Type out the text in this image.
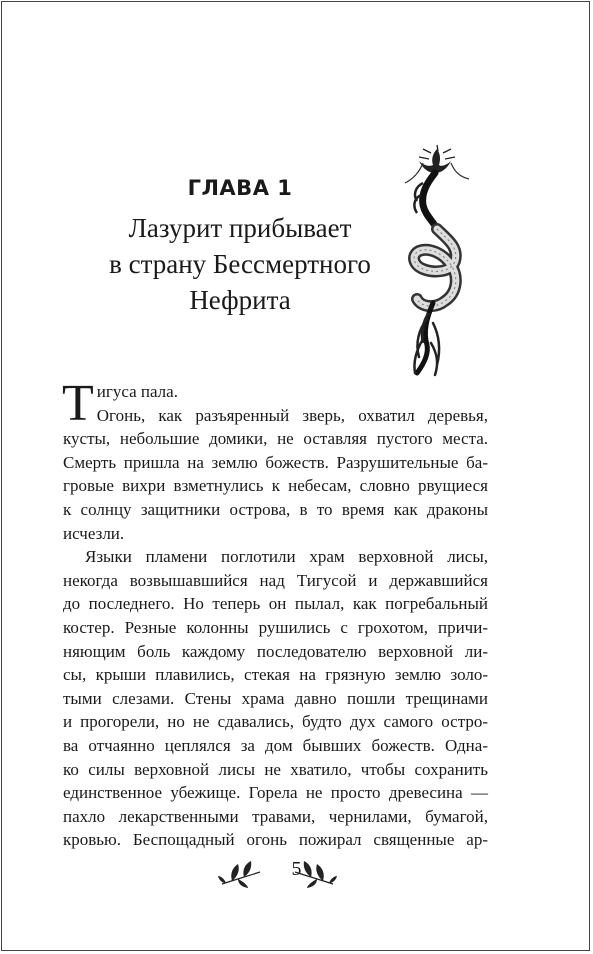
ГЛАВА 1
Лазурит прибывает
в страну Бессмертного
Нефрита
Т игуса пала.
Огонь, как разъяренный зверь, охватил деревья,
кусты, небольшие домики, не оставляя пустого места.
Смерть пришла на землю божеств. Разрушительные ба-
гровые вихри взметнулись к небесам, словно рвущиеся
к солнцу защитники острова, в то время как драконы
исчезли.
Языки пламени поглотили храм верховной лисы,
некогда возвышавшийся над Тигусой и державшийся
до последнего. Но теперь он пылал, как погребальный
костер. Резные колонны рушились с грохотом, причи-
няющим боль каждому последователю верховной ли-
сы, крыши плавились, стекая на грязную землю золо-
тыми слезами. Стены храма давно пошли трещинами
и прогорели, но не сдавались, будто дух самого остро-
ва отчаянно цеплялся за дом бывших божеств. Одна-
ко силы верховной лисы не хватило, чтобы сохранить
единственное убежище. Горела не просто древесина —
пахло лекарственными травами, чернилами, бумагой,
кровью. Беспощадный огонь пожирал священные ар-
5
